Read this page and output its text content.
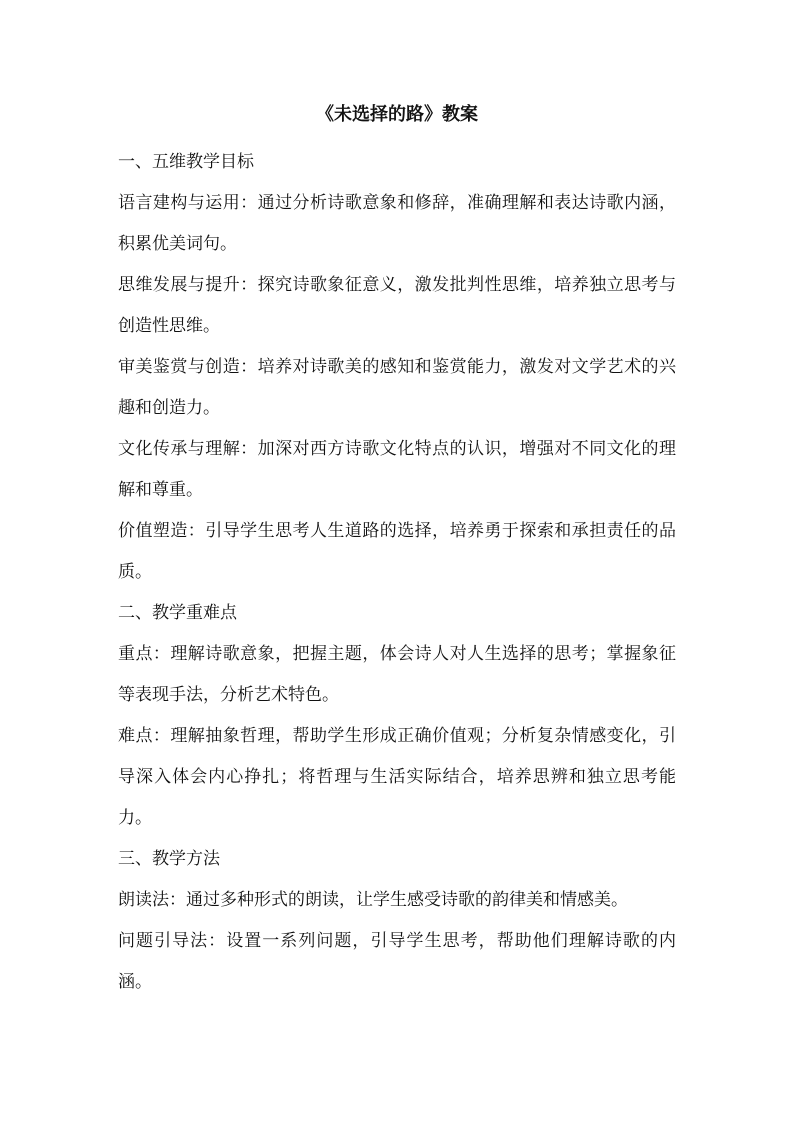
《未选择的路》教案
一、五维教学目标
语言建构与运用：通过分析诗歌意象和修辞，准确理解和表达诗歌内涵，积累优美词句。
思维发展与提升：探究诗歌象征意义，激发批判性思维，培养独立思考与创造性思维。
审美鉴赏与创造：培养对诗歌美的感知和鉴赏能力，激发对文学艺术的兴趣和创造力。
文化传承与理解：加深对西方诗歌文化特点的认识，增强对不同文化的理解和尊重。
价值塑造：引导学生思考人生道路的选择，培养勇于探索和承担责任的品质。
二、教学重难点
重点：理解诗歌意象，把握主题，体会诗人对人生选择的思考；掌握象征等表现手法，分析艺术特色。
难点：理解抽象哲理，帮助学生形成正确价值观；分析复杂情感变化，引导深入体会内心挣扎；将哲理与生活实际结合，培养思辨和独立思考能力。
三、教学方法
朗读法：通过多种形式的朗读，让学生感受诗歌的韵律美和情感美。
问题引导法：设置一系列问题，引导学生思考，帮助他们理解诗歌的内涵。
